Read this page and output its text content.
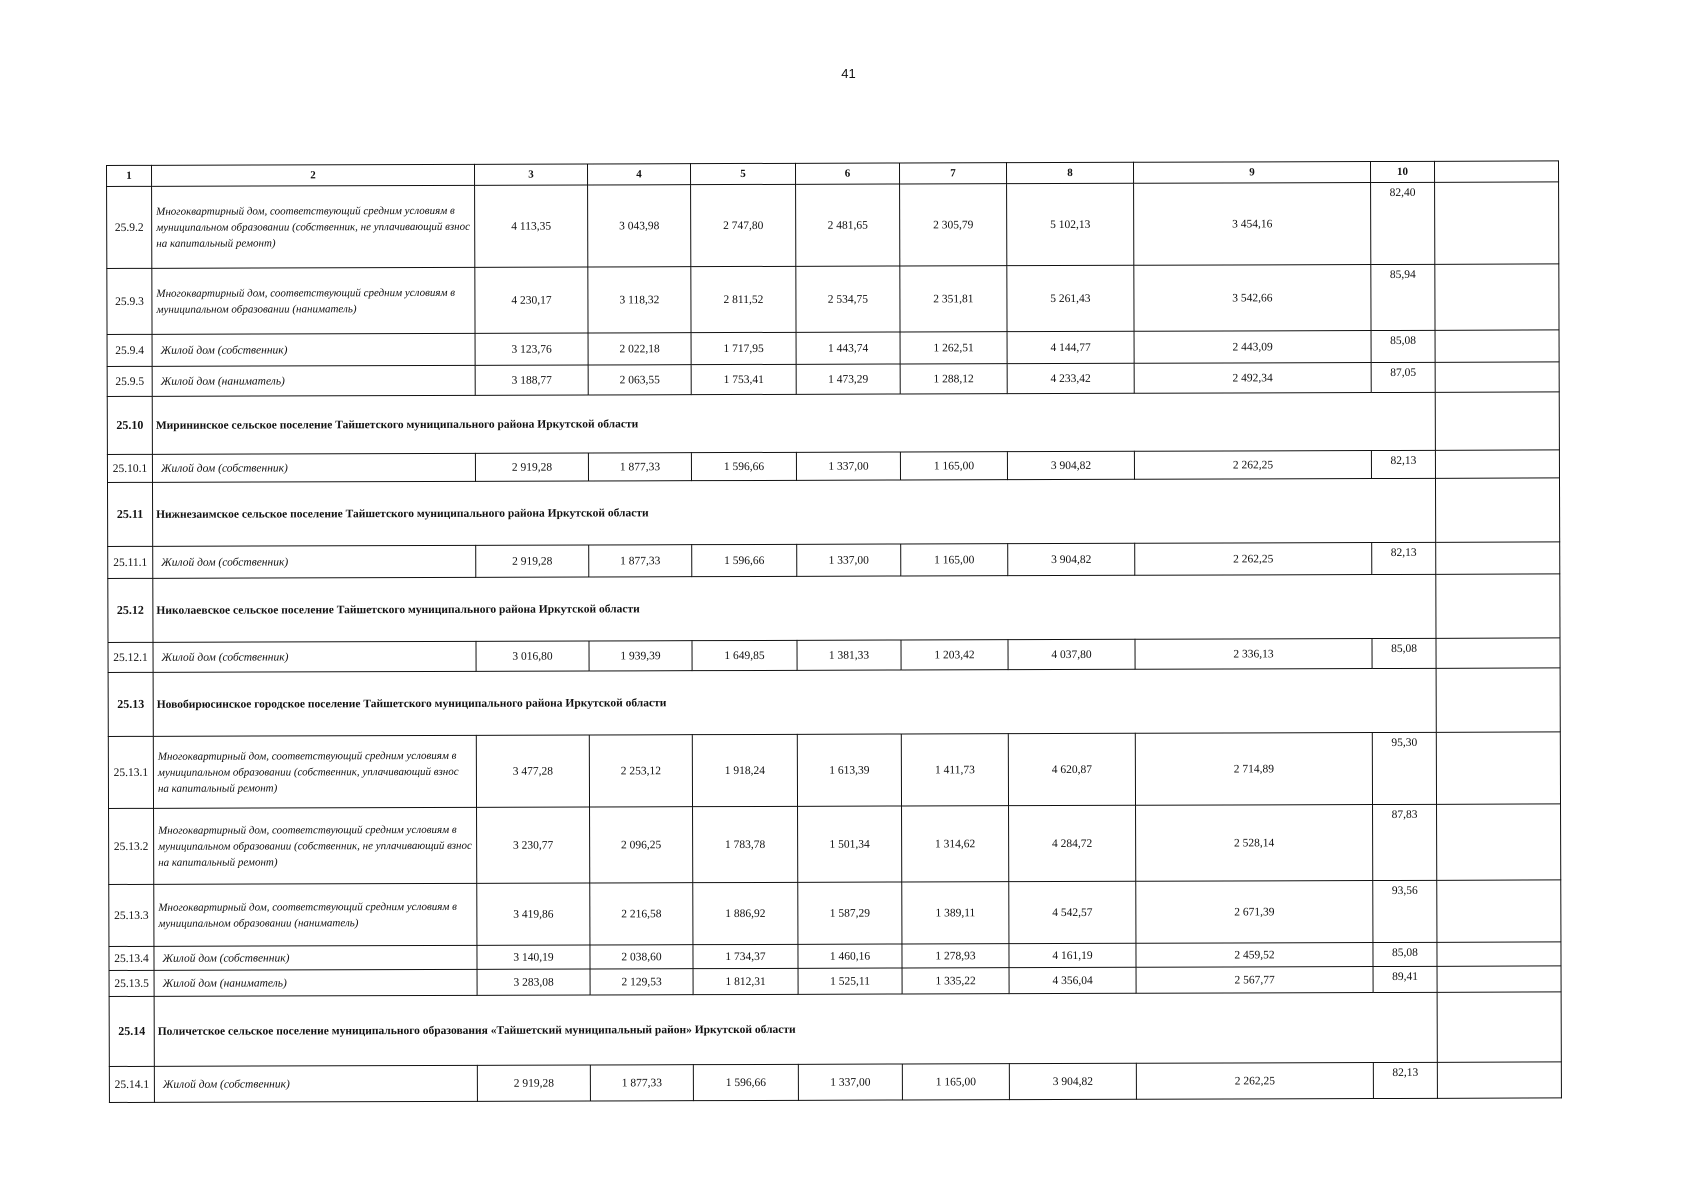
41
1	2	3	4	5	6	7	8	9	10	
25.9.2	Многоквартирный дом, соответствующий средним условиям в муниципальном образовании (собственник, не уплачивающий взнос на капитальный ремонт)	4 113,35	3 043,98	2 747,80	2 481,65	2 305,79	5 102,13	3 454,16	82,40	
25.9.3	Многоквартирный дом, соответствующий средним условиям в муниципальном образовании (наниматель)	4 230,17	3 118,32	2 811,52	2 534,75	2 351,81	5 261,43	3 542,66	85,94	
25.9.4	Жилой дом (собственник)	3 123,76	2 022,18	1 717,95	1 443,74	1 262,51	4 144,77	2 443,09	85,08	
25.9.5	Жилой дом (наниматель)	3 188,77	2 063,55	1 753,41	1 473,29	1 288,12	4 233,42	2 492,34	87,05	
25.10	Мирининское сельское поселение Тайшетского муниципального района Иркутской области									
25.10.1	Жилой дом (собственник)	2 919,28	1 877,33	1 596,66	1 337,00	1 165,00	3 904,82	2 262,25	82,13	
25.11	Нижнезаимское сельское поселение Тайшетского муниципального района Иркутской области									
25.11.1	Жилой дом (собственник)	2 919,28	1 877,33	1 596,66	1 337,00	1 165,00	3 904,82	2 262,25	82,13	
25.12	Николаевское сельское поселение Тайшетского муниципального района Иркутской области									
25.12.1	Жилой дом (собственник)	3 016,80	1 939,39	1 649,85	1 381,33	1 203,42	4 037,80	2 336,13	85,08	
25.13	Новобирюсинское городское поселение Тайшетского муниципального района Иркутской области									
25.13.1	Многоквартирный дом, соответствующий средним условиям в муниципальном образовании (собственник, уплачивающий взнос на капитальный ремонт)	3 477,28	2 253,12	1 918,24	1 613,39	1 411,73	4 620,87	2 714,89	95,30	
25.13.2	Многоквартирный дом, соответствующий средним условиям в муниципальном образовании (собственник, не уплачивающий взнос на капитальный ремонт)	3 230,77	2 096,25	1 783,78	1 501,34	1 314,62	4 284,72	2 528,14	87,83	
25.13.3	Многоквартирный дом, соответствующий средним условиям в муниципальном образовании (наниматель)	3 419,86	2 216,58	1 886,92	1 587,29	1 389,11	4 542,57	2 671,39	93,56	
25.13.4	Жилой дом (собственник)	3 140,19	2 038,60	1 734,37	1 460,16	1 278,93	4 161,19	2 459,52	85,08	
25.13.5	Жилой дом (наниматель)	3 283,08	2 129,53	1 812,31	1 525,11	1 335,22	4 356,04	2 567,77	89,41	
25.14	Поличетское сельское поселение муниципального образования «Тайшетский муниципальный район» Иркутской области									
25.14.1	Жилой дом (собственник)	2 919,28	1 877,33	1 596,66	1 337,00	1 165,00	3 904,82	2 262,25	82,13	
